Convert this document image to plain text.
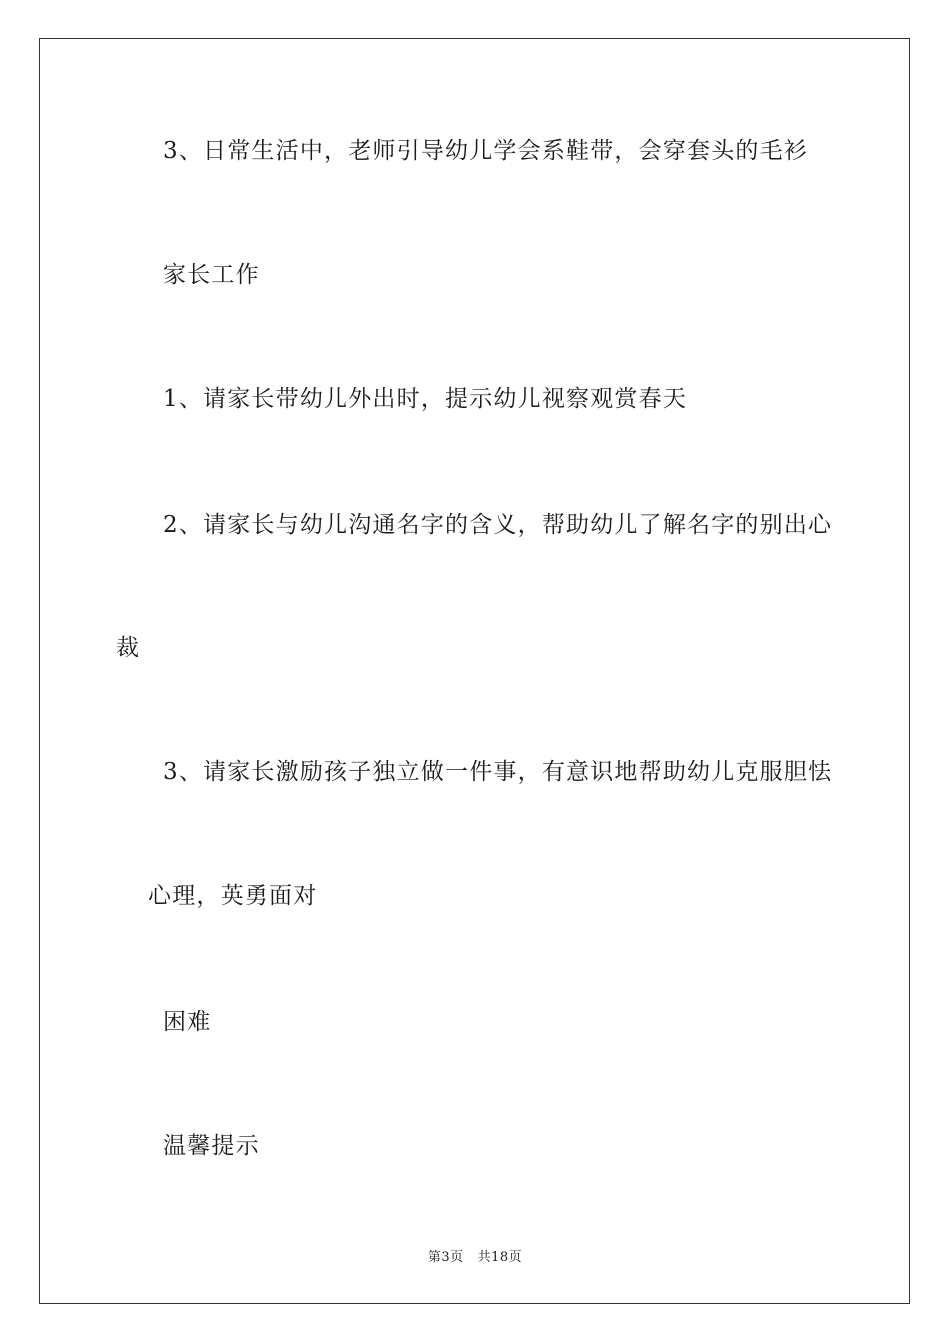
3、日常生活中，老师引导幼儿学会系鞋带，会穿套头的毛衫
家长工作
1、请家长带幼儿外出时，提示幼儿视察观赏春天
2、请家长与幼儿沟通名字的含义，帮助幼儿了解名字的别出心
裁
3、请家长激励孩子独立做一件事，有意识地帮助幼儿克服胆怯
心理，英勇面对
困难
温馨提示
第3页 共18页
